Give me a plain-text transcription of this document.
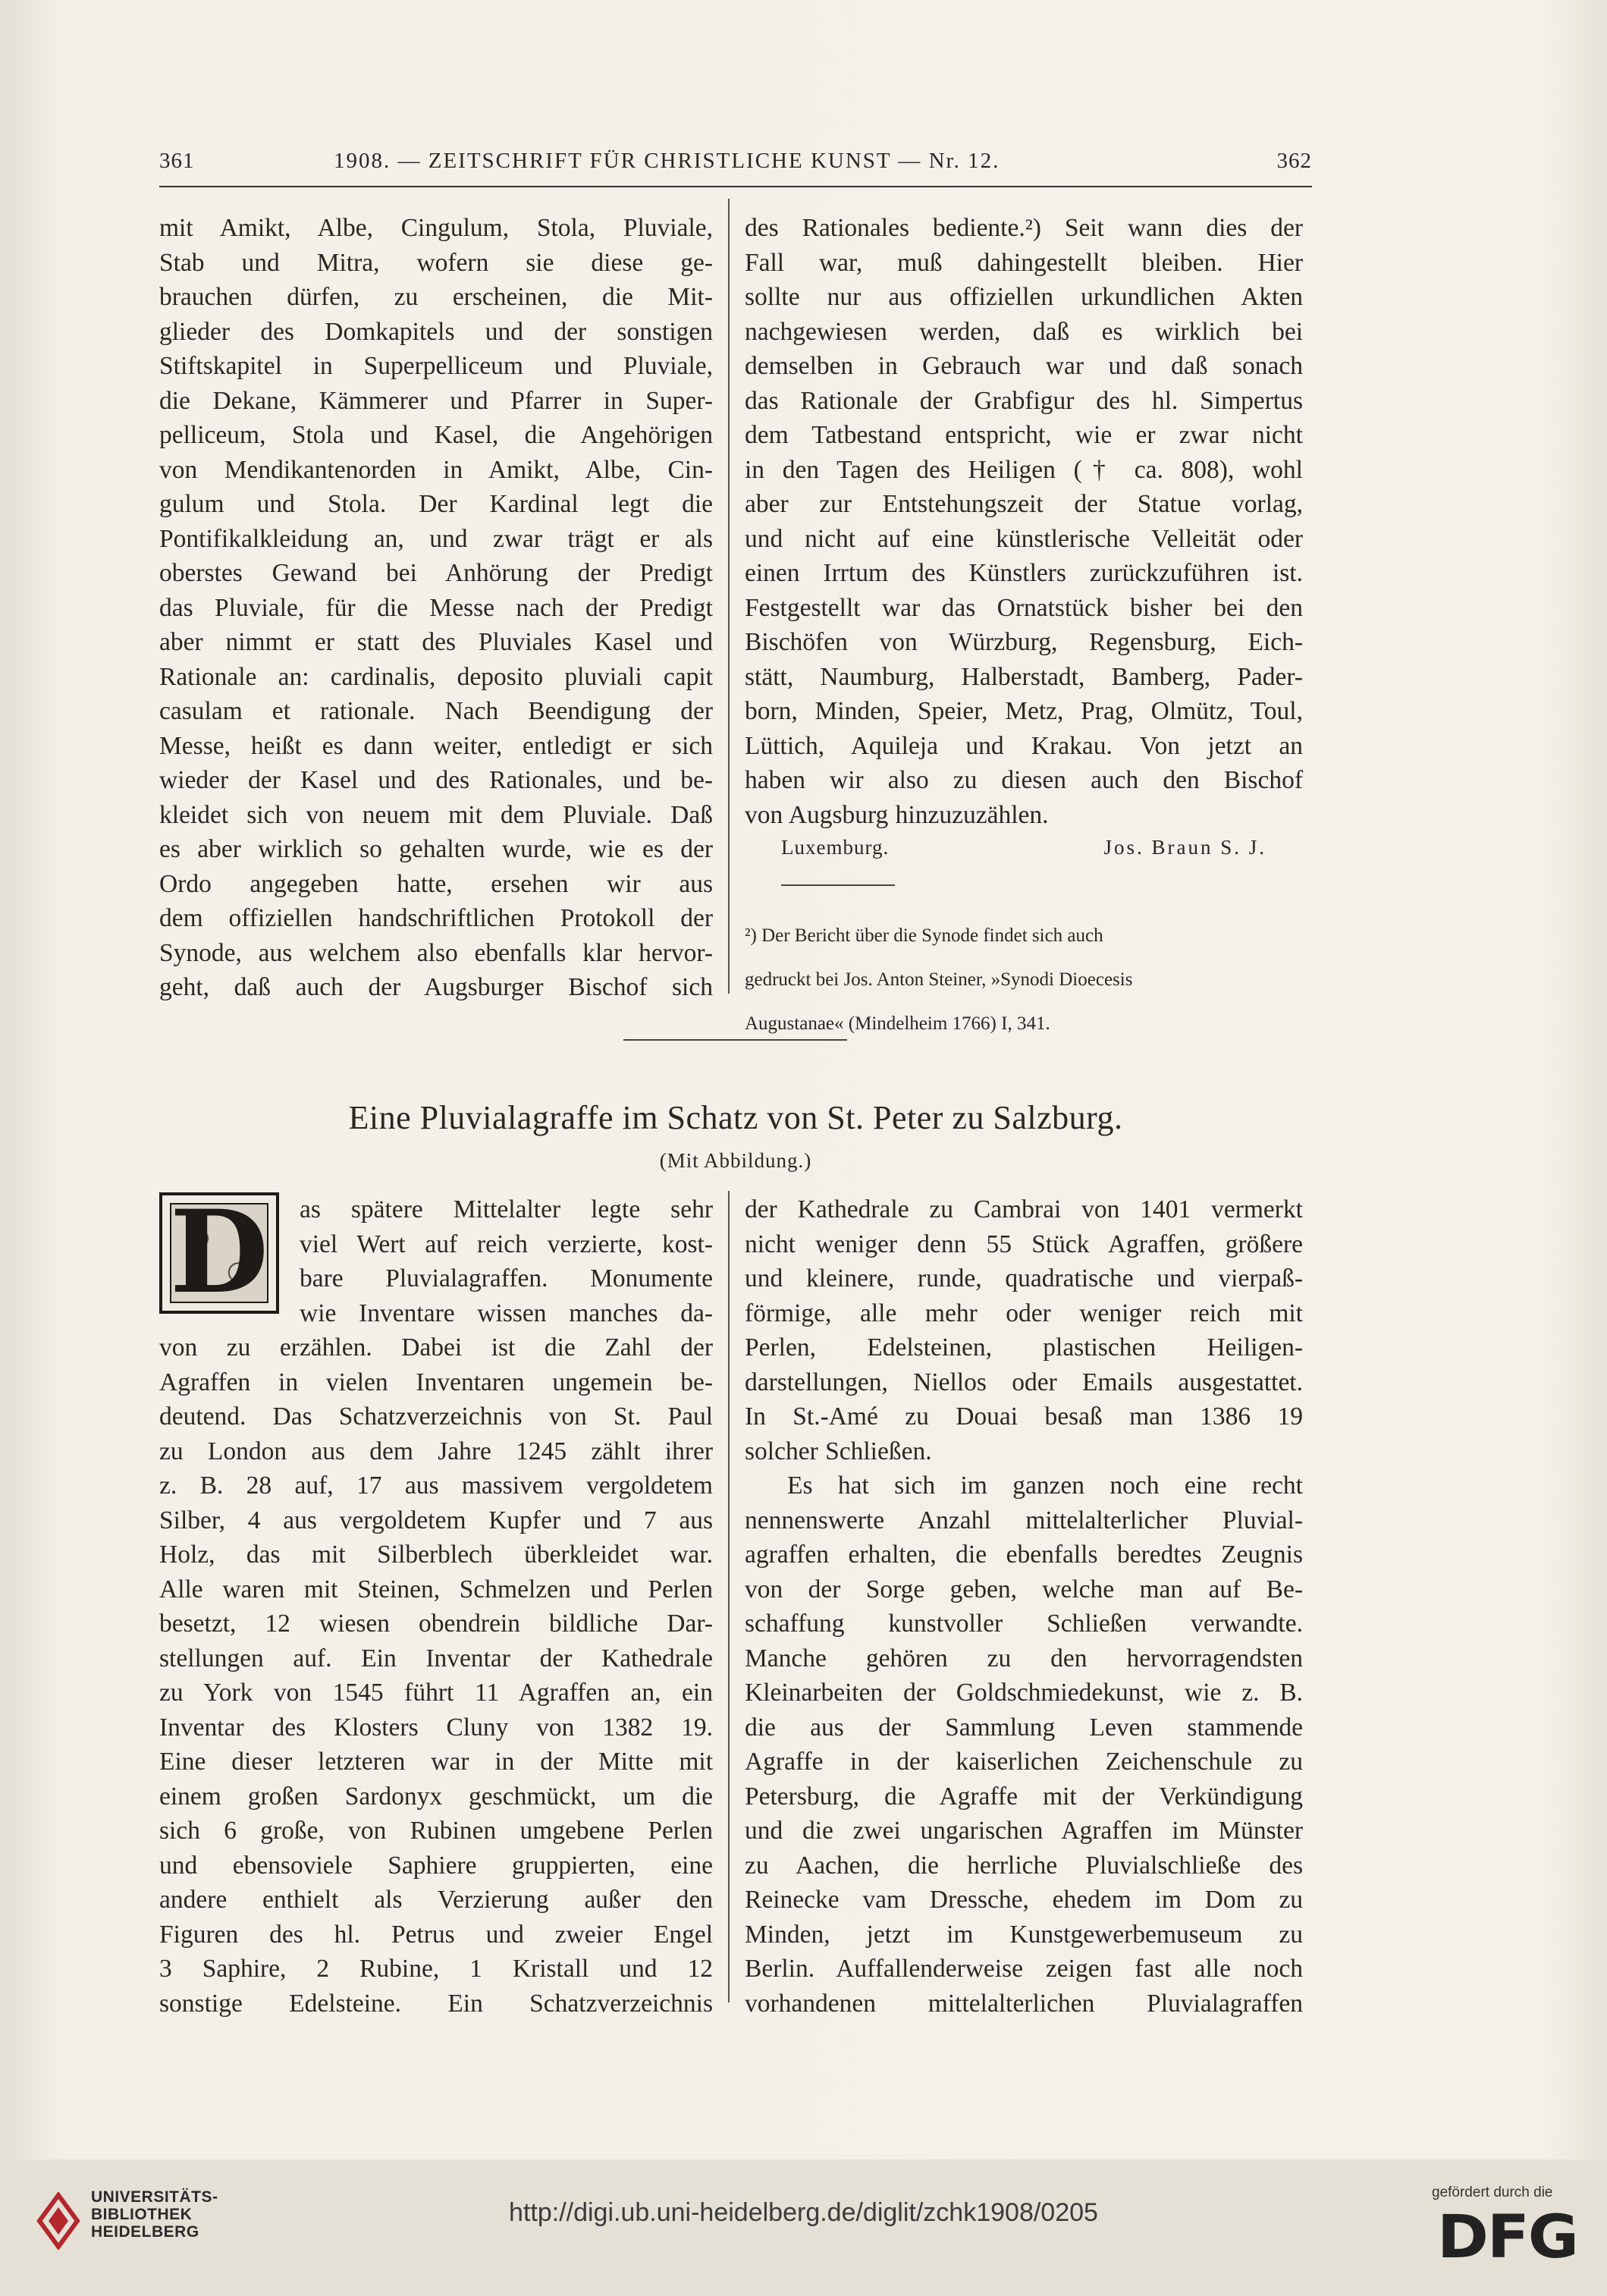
361	1908. — ZEITSCHRIFT FÜR CHRISTLICHE KUNST — Nr. 12.	362

mit Amikt, Albe, Cingulum, Stola, Pluviale,

Stab und Mitra, wofern sie diese ge-

brauchen dürfen, zu erscheinen, die Mit-

glieder des Domkapitels und der sonstigen

Stiftskapitel in Superpelliceum und Pluviale,

die Dekane, Kämmerer und Pfarrer in Super-

pelliceum, Stola und Kasel, die Angehörigen

von Mendikantenorden in Amikt, Albe, Cin-

gulum und Stola. Der Kardinal legt die

Pontifikalkleidung an, und zwar trägt er als

oberstes Gewand bei Anhörung der Predigt

das Pluviale, für die Messe nach der Predigt

aber nimmt er statt des Pluviales Kasel und

Rationale an: cardinalis, deposito pluviali capit

casulam et rationale. Nach Beendigung der

Messe, heißt es dann weiter, entledigt er sich

wieder der Kasel und des Rationales, und be-

kleidet sich von neuem mit dem Pluviale. Daß

es aber wirklich so gehalten wurde, wie es der

Ordo angegeben hatte, ersehen wir aus

dem offiziellen handschriftlichen Protokoll der

Synode, aus welchem also ebenfalls klar hervor-

geht, daß auch der Augsburger Bischof sich

des Rationales bediente.²) Seit wann dies der

Fall war, muß dahingestellt bleiben. Hier

sollte nur aus offiziellen urkundlichen Akten

nachgewiesen werden, daß es wirklich bei

demselben in Gebrauch war und daß sonach

das Rationale der Grabfigur des hl. Simpertus

dem Tatbestand entspricht, wie er zwar nicht

in den Tagen des Heiligen († ca. 808), wohl

aber zur Entstehungszeit der Statue vorlag,

und nicht auf eine künstlerische Velleität oder

einen Irrtum des Künstlers zurückzuführen ist.

Festgestellt war das Ornatstück bisher bei den

Bischöfen von Würzburg, Regensburg, Eich-

stätt, Naumburg, Halberstadt, Bamberg, Pader-

born, Minden, Speier, Metz, Prag, Olmütz, Toul,

Lüttich, Aquileja und Krakau. Von jetzt an

haben wir also zu diesen auch den Bischof

von Augsburg hinzuzuzählen.

Luxemburg.	Jos. Braun S. J.

²) Der Bericht über die Synode findet sich auch

gedruckt bei Jos. Anton Steiner, »Synodi Dioecesis

Augustanae« (Mindelheim 1766) I, 341.

Eine Pluvialagraffe im Schatz von St. Peter zu Salzburg.
(Mit Abbildung.)
D as spätere Mittelalter legte sehr

viel Wert auf reich verzierte, kost-

bare Pluvialagraffen. Monumente

wie Inventare wissen manches da-

von zu erzählen. Dabei ist die Zahl der

Agraffen in vielen Inventaren ungemein be-

deutend. Das Schatzverzeichnis von St. Paul

zu London aus dem Jahre 1245 zählt ihrer

z. B. 28 auf, 17 aus massivem vergoldetem

Silber, 4 aus vergoldetem Kupfer und 7 aus

Holz, das mit Silberblech überkleidet war.

Alle waren mit Steinen, Schmelzen und Perlen

besetzt, 12 wiesen obendrein bildliche Dar-

stellungen auf. Ein Inventar der Kathedrale

zu York von 1545 führt 11 Agraffen an, ein

Inventar des Klosters Cluny von 1382 19.

Eine dieser letzteren war in der Mitte mit

einem großen Sardonyx geschmückt, um die

sich 6 große, von Rubinen umgebene Perlen

und ebensoviele Saphiere gruppierten, eine

andere enthielt als Verzierung außer den

Figuren des hl. Petrus und zweier Engel

3 Saphire, 2 Rubine, 1 Kristall und 12

sonstige Edelsteine. Ein Schatzverzeichnis

der Kathedrale zu Cambrai von 1401 vermerkt

nicht weniger denn 55 Stück Agraffen, größere

und kleinere, runde, quadratische und vierpaß-

förmige, alle mehr oder weniger reich mit

Perlen, Edelsteinen, plastischen Heiligen-

darstellungen, Niellos oder Emails ausgestattet.

In St.-Amé zu Douai besaß man 1386 19

solcher Schließen.

Es hat sich im ganzen noch eine recht

nennenswerte Anzahl mittelalterlicher Pluvial-

agraffen erhalten, die ebenfalls beredtes Zeugnis

von der Sorge geben, welche man auf Be-

schaffung kunstvoller Schließen verwandte.

Manche gehören zu den hervorragendsten

Kleinarbeiten der Goldschmiedekunst, wie z. B.

die aus der Sammlung Leven stammende

Agraffe in der kaiserlichen Zeichenschule zu

Petersburg, die Agraffe mit der Verkündigung

und die zwei ungarischen Agraffen im Münster

zu Aachen, die herrliche Pluvialschließe des

Reinecke vam Dressche, ehedem im Dom zu

Minden, jetzt im Kunstgewerbemuseum zu

Berlin. Auffallenderweise zeigen fast alle noch

vorhandenen mittelalterlichen Pluvialagraffen

UNIVERSITÄTS-
BIBLIOTHEK
HEIDELBERG
http://digi.ub.uni-heidelberg.de/diglit/zchk1908/0205
gefördert durch die
DFG
